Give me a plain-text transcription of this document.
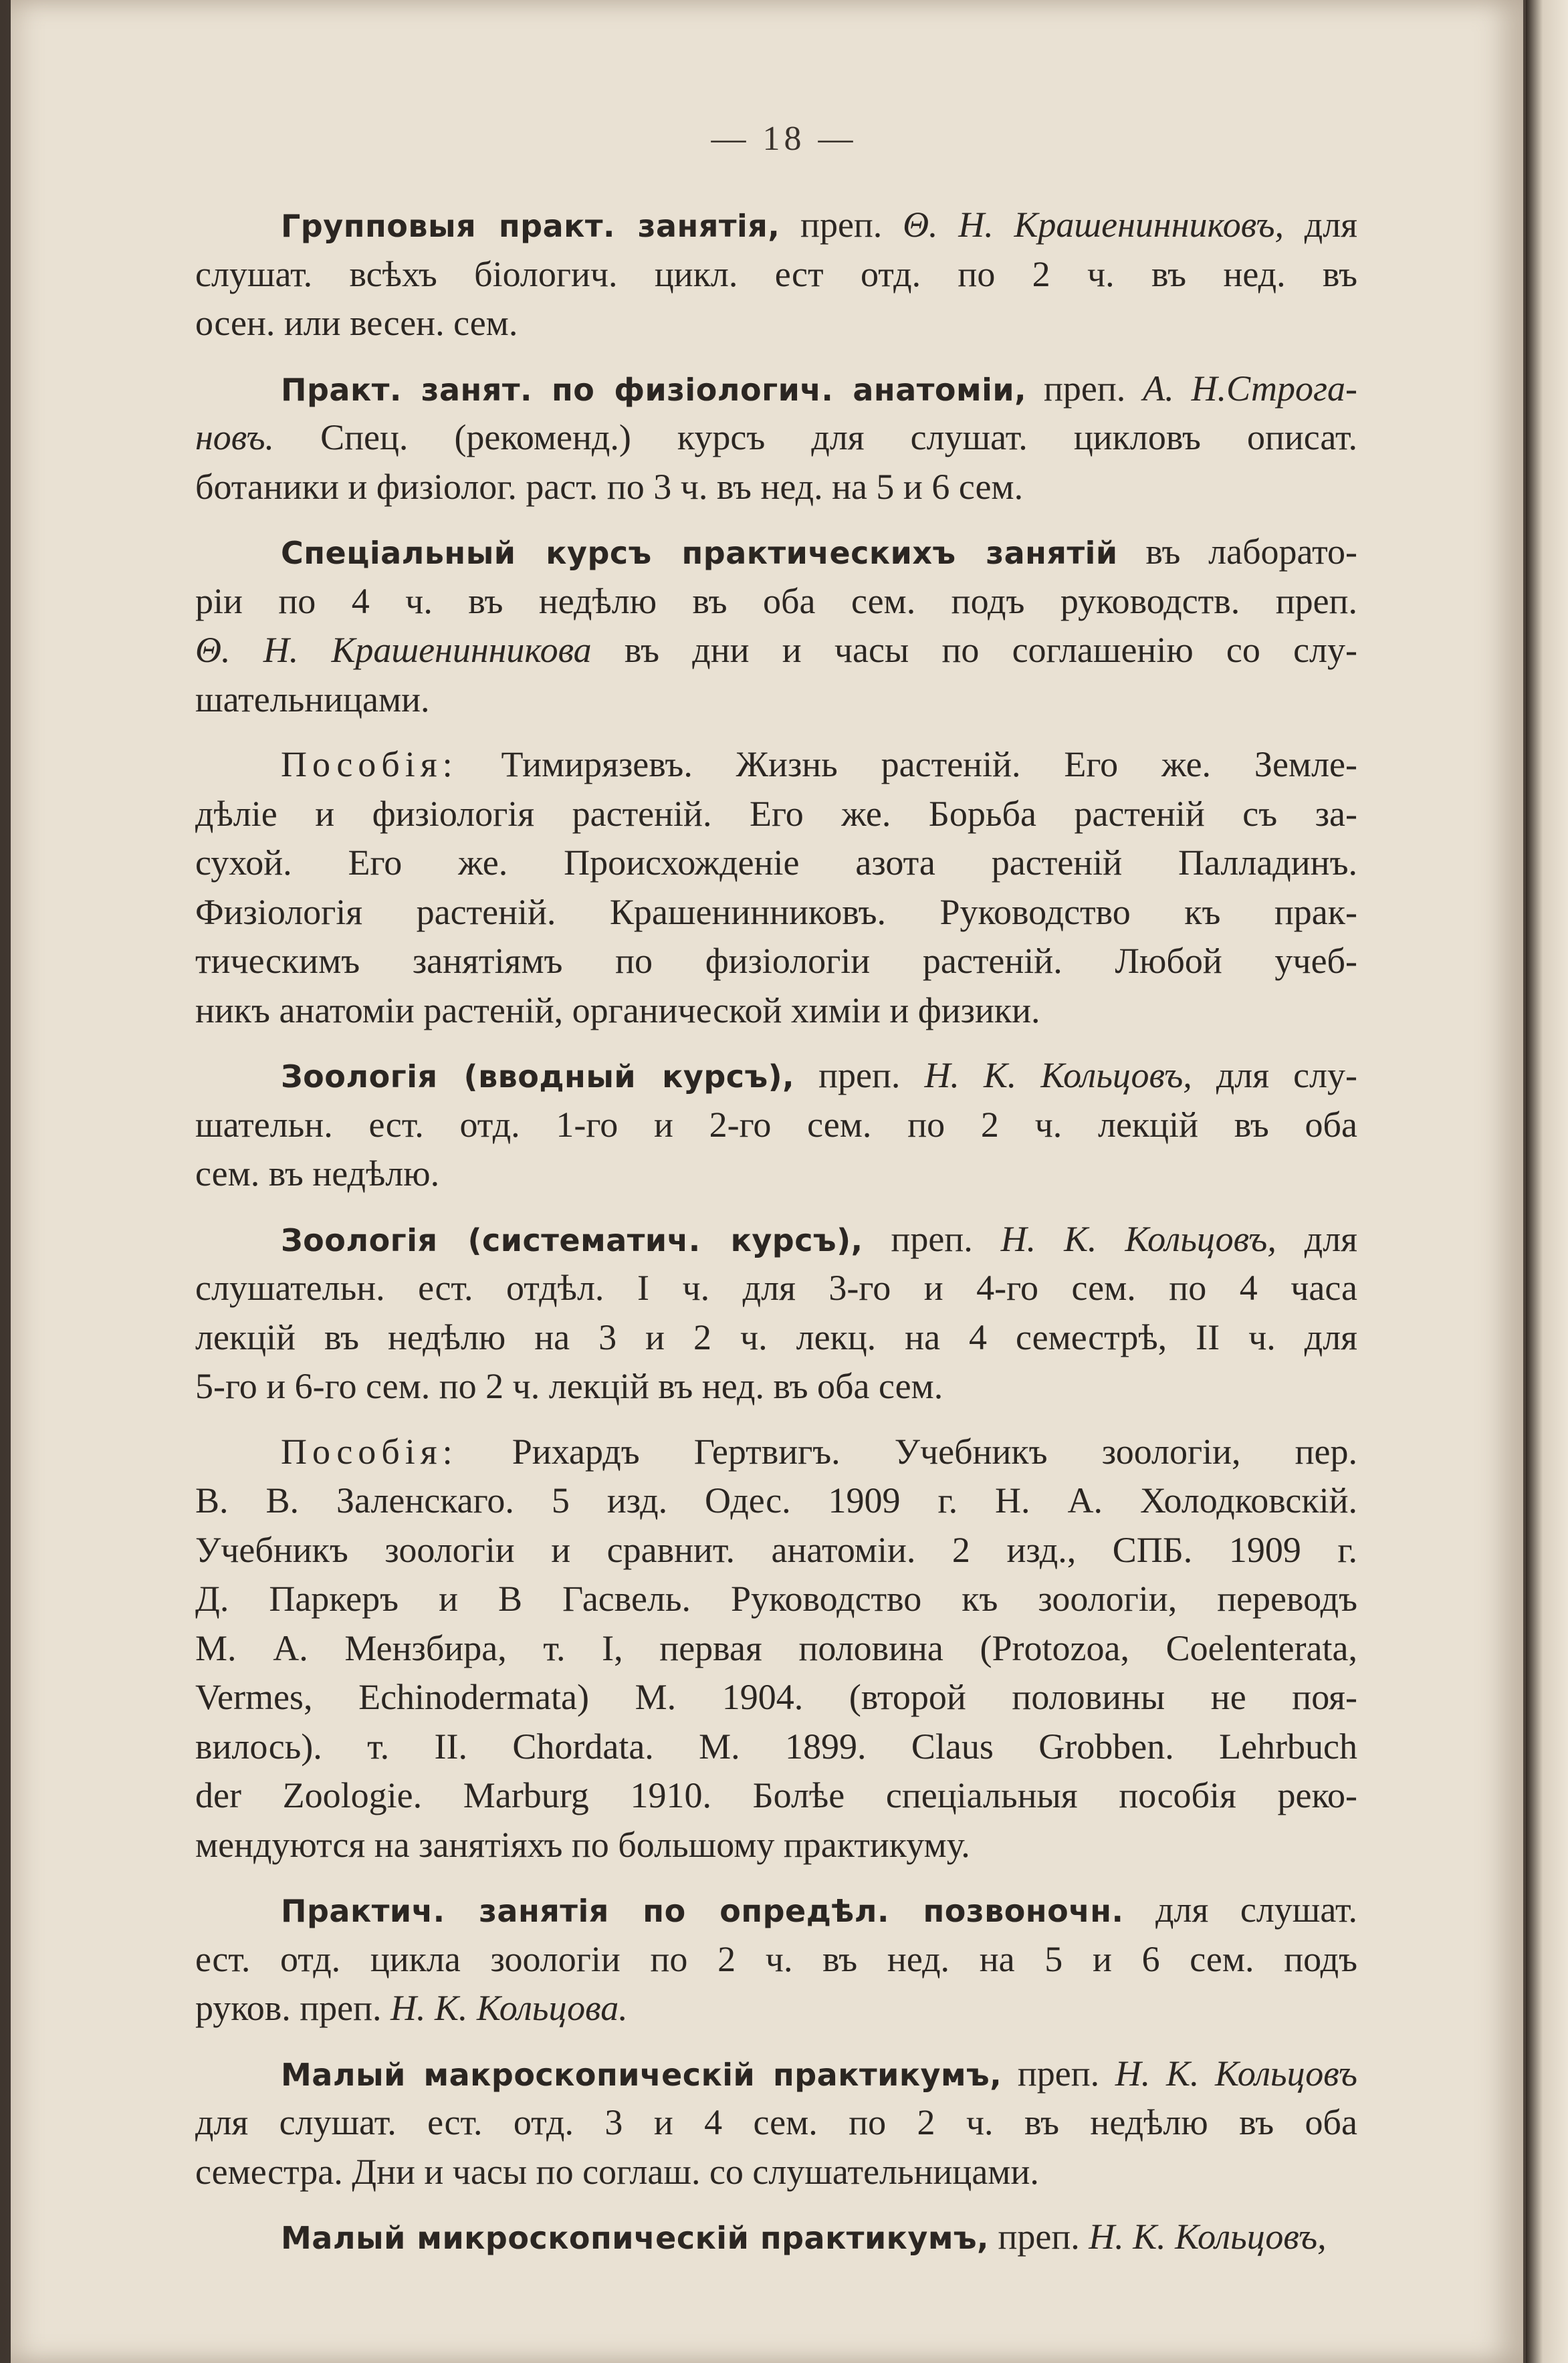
— 18 —
Групповыя практ. занятія, преп. Θ. Н. Крашенинниковъ, для
слушат. всѣхъ біологич. цикл. ест отд. по 2 ч. въ нед. въ
осен. или весен. сем.
Практ. занят. по физіологич. анатоміи, преп. А. Н.Строга-
новъ. Спец. (рекоменд.) курсъ для слушат. цикловъ описат.
ботаники и физіолог. раст. по 3 ч. въ нед. на 5 и 6 сем.
Спеціальный курсъ практическихъ занятій въ лаборато-
ріи по 4 ч. въ недѣлю въ оба сем. подъ руководств. преп.
Θ. Н. Крашенинникова въ дни и часы по соглашенію со слу-
шательницами.
Пособія: Тимирязевъ. Жизнь растеній. Его же. Земле-
дѣліе и физіологія растеній. Его же. Борьба растеній съ за-
сухой. Его же. Происхожденіе азота растеній Палладинъ.
Физіологія растеній. Крашенинниковъ. Руководство къ прак-
тическимъ занятіямъ по физіологіи растеній. Любой учеб-
никъ анатоміи растеній, органической химіи и физики.
Зоологія (вводный курсъ), преп. Н. К. Кольцовъ, для слу-
шательн. ест. отд. 1-го и 2-го сем. по 2 ч. лекцій въ оба
сем. въ недѣлю.
Зоологія (систематич. курсъ), преп. Н. К. Кольцовъ, для
слушательн. ест. отдѣл. I ч. для 3-го и 4-го сем. по 4 часа
лекцій въ недѣлю на 3 и 2 ч. лекц. на 4 семестрѣ, II ч. для
5-го и 6-го сем. по 2 ч. лекцій въ нед. въ оба сем.
Пособія: Рихардъ Гертвигъ. Учебникъ зоологіи, пер.
В. В. Заленскаго. 5 изд. Одес. 1909 г. Н. А. Холодковскій.
Учебникъ зоологіи и сравнит. анатоміи. 2 изд., СПБ. 1909 г.
Д. Паркеръ и В Гасвель. Руководство къ зоологіи, переводъ
М. А. Мензбира, т. I, первая половина (Protozoa, Coelenterata,
Vermes, Echinodermata) М. 1904. (второй половины не поя-
вилось). т. II. Chordata. М. 1899. Claus Grobben. Lehrbuch
der Zoologie. Marburg 1910. Болѣе спеціальныя пособія реко-
мендуются на занятіяхъ по большому практикуму.
Практич. занятія по опредѣл. позвоночн. для слушат.
ест. отд. цикла зоологіи по 2 ч. въ нед. на 5 и 6 сем. подъ
руков. преп. Н. К. Кольцова.
Малый макроскопическій практикумъ, преп. Н. К. Кольцовъ
для слушат. ест. отд. 3 и 4 сем. по 2 ч. въ недѣлю въ оба
семестра. Дни и часы по соглаш. со слушательницами.
Малый микроскопическій практикумъ, преп. Н. К. Кольцовъ,
